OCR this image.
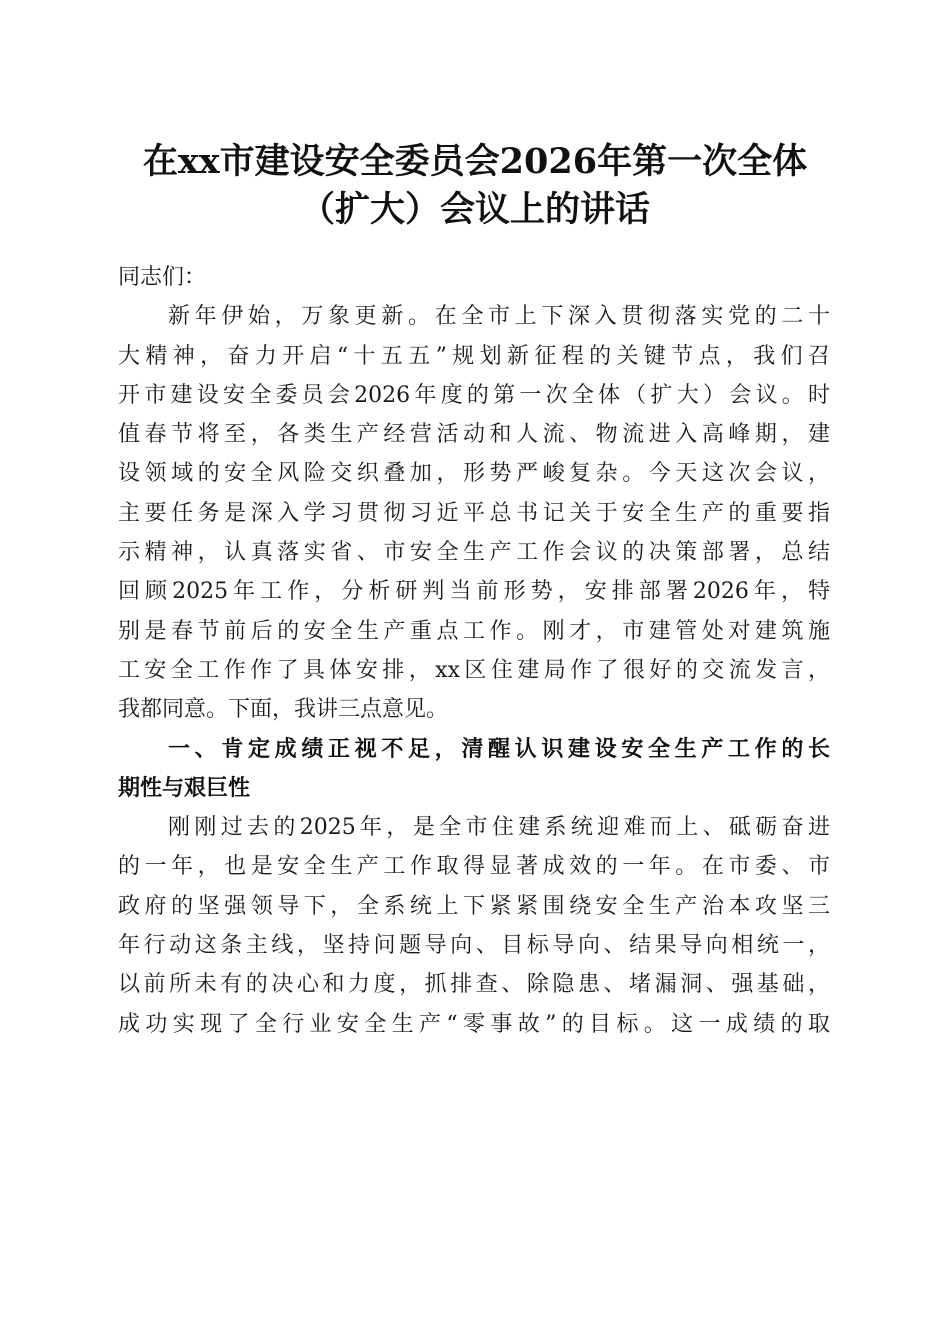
在xx市建设安全委员会2026年第一次全体
（扩大）会议上的讲话
同志们：
新年伊始，万象更新。在全市上下深入贯彻落实党的二十
大精神，奋力开启“十五五”规划新征程的关键节点，我们召
开市建设安全委员会2026年度的第一次全体（扩大）会议。时
值春节将至，各类生产经营活动和人流、物流进入高峰期，建
设领域的安全风险交织叠加，形势严峻复杂。今天这次会议，
主要任务是深入学习贯彻习近平总书记关于安全生产的重要指
示精神，认真落实省、市安全生产工作会议的决策部署，总结
回顾2025年工作，分析研判当前形势，安排部署2026年，特
别是春节前后的安全生产重点工作。刚才，市建管处对建筑施
工安全工作作了具体安排，xx区住建局作了很好的交流发言，
我都同意。下面，我讲三点意见。
一、肯定成绩正视不足，清醒认识建设安全生产工作的长
期性与艰巨性
刚刚过去的2025年，是全市住建系统迎难而上、砥砺奋进
的一年，也是安全生产工作取得显著成效的一年。在市委、市
政府的坚强领导下，全系统上下紧紧围绕安全生产治本攻坚三
年行动这条主线，坚持问题导向、目标导向、结果导向相统一，
以前所未有的决心和力度，抓排查、除隐患、堵漏洞、强基础，
成功实现了全行业安全生产“零事故”的目标。这一成绩的取
